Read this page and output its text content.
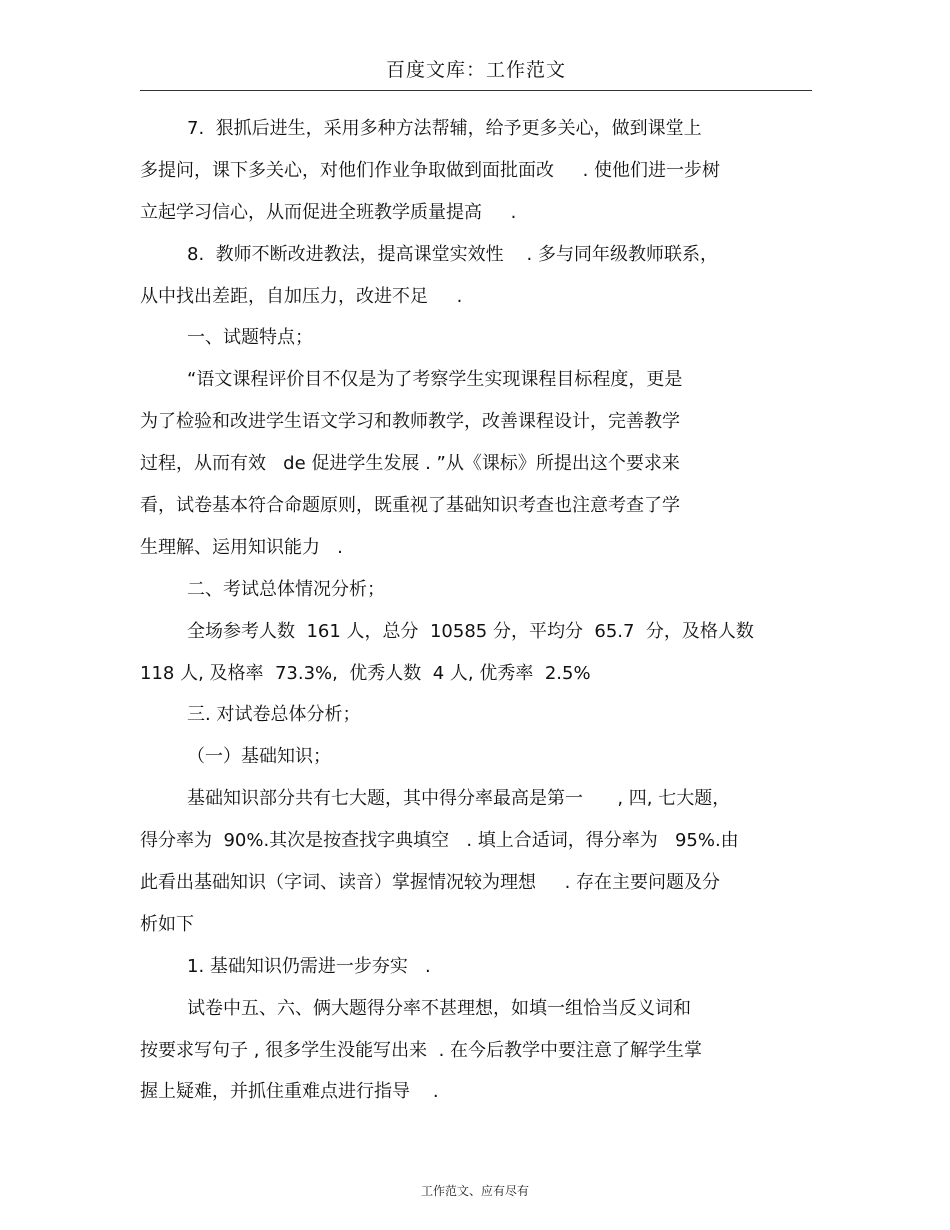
百度文库：工作范文
7.  狠抓后进生，采用多种方法帮辅，给予更多关心，做到课堂上
多提问，课下多关心，对他们作业争取做到面批面改     . 使他们进一步树
立起学习信心，从而促进全班教学质量提高     .
8.  教师不断改进教法，提高课堂实效性    . 多与同年级教师联系，
从中找出差距，自加压力，改进不足     .
一、试题特点；
“语文课程评价目不仅是为了考察学生实现课程目标程度，更是
为了检验和改进学生语文学习和教师教学，改善课程设计，完善教学
过程，从而有效   de 促进学生发展 . ”从《课标》所提出这个要求来
看，试卷基本符合命题原则，既重视了基础知识考查也注意考查了学
生理解、运用知识能力   .
二、考试总体情况分析；
全场参考人数  161 人，总分  10585 分，平均分  65.7  分，及格人数
118 人, 及格率  73.3%,  优秀人数  4 人, 优秀率  2.5%
三. 对试卷总体分析；
（一）基础知识；
基础知识部分共有七大题，其中得分率最高是第一      , 四, 七大题，
得分率为  90%.其次是按查找字典填空   . 填上合适词，得分率为   95%.由
此看出基础知识（字词、读音）掌握情况较为理想     . 存在主要问题及分
析如下
1. 基础知识仍需进一步夯实   .
试卷中五、六、俩大题得分率不甚理想，如填一组恰当反义词和
按要求写句子 , 很多学生没能写出来  . 在今后教学中要注意了解学生掌
握上疑难，并抓住重难点进行指导    .
工作范文、应有尽有
